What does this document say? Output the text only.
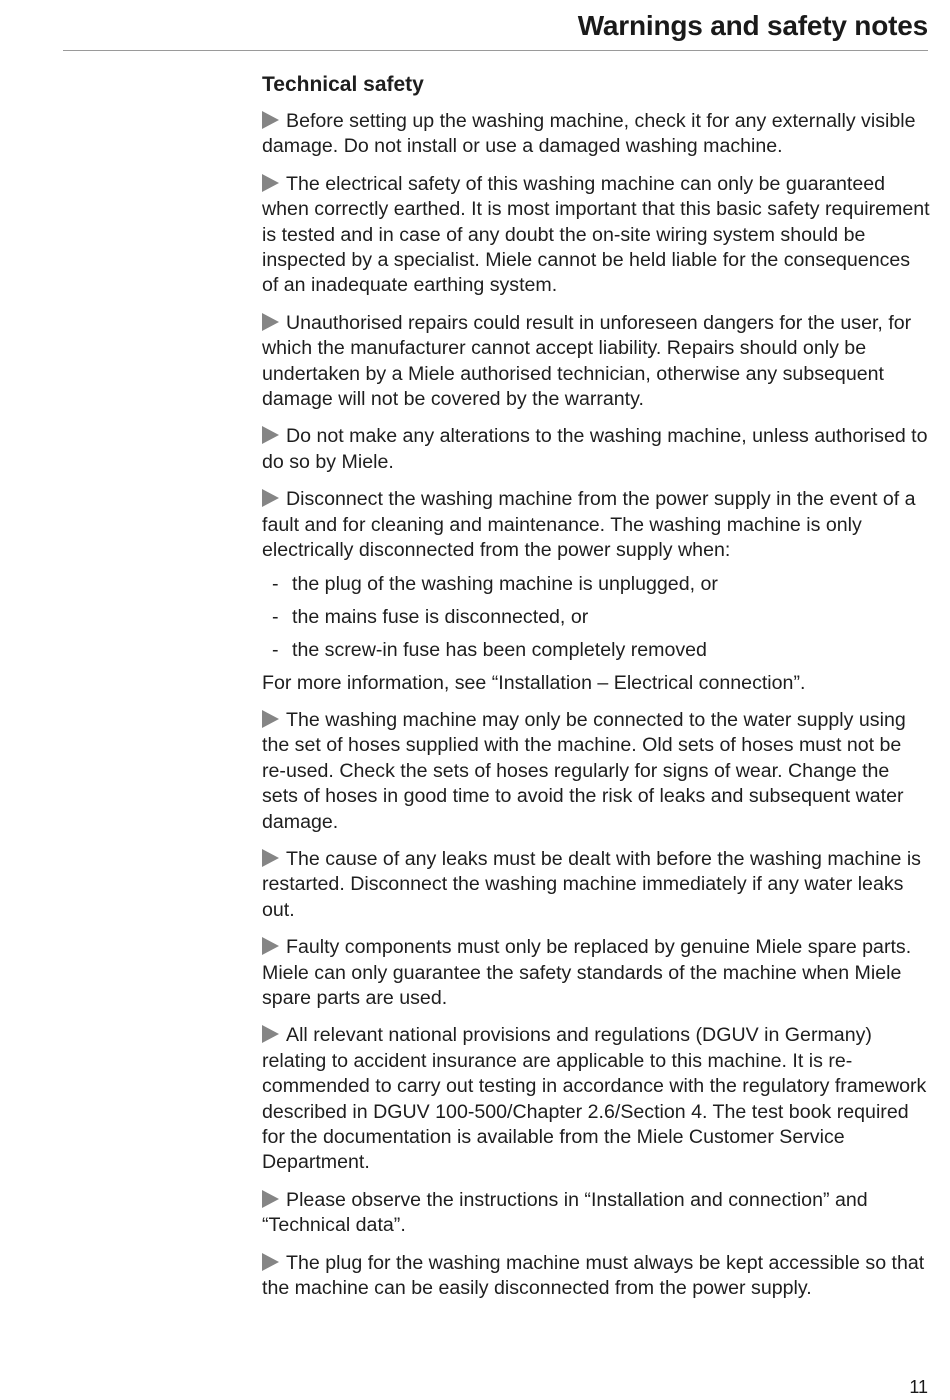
Warnings and safety notes
Technical safety

Before setting up the washing machine, check it for any externally visible damage. Do not install or use a damaged washing machine.

The electrical safety of this washing machine can only be guaranteed when correctly earthed. It is most important that this basic safety requirement is tested and in case of any doubt the on-site wiring system should be inspected by a specialist. Miele cannot be held liable for the consequences of an inadequate earthing system.

Unauthorised repairs could result in unforeseen dangers for the user, for which the manufacturer cannot accept liability. Repairs should only be undertaken by a Miele authorised technician, otherwise any subsequent damage will not be covered by the warranty.

Do not make any alterations to the washing machine, unless authorised to do so by Miele.

Disconnect the washing machine from the power supply in the event of a fault and for cleaning and maintenance. The washing machine is only electrically disconnected from the power supply when:

- the plug of the washing machine is unplugged, or
- the mains fuse is disconnected, or
- the screw-in fuse has been completely removed

For more information, see “Installation – Electrical connection”.

The washing machine may only be connected to the water supply using the set of hoses supplied with the machine. Old sets of hoses must not be re-used. Check the sets of hoses regularly for signs of wear. Change the sets of hoses in good time to avoid the risk of leaks and subsequent water damage.

The cause of any leaks must be dealt with before the washing machine is restarted. Disconnect the washing machine immediately if any water leaks out.

Faulty components must only be replaced by genuine Miele spare parts. Miele can only guarantee the safety standards of the machine when Miele spare parts are used.

All relevant national provisions and regulations (DGUV in Germany) relating to accident insurance are applicable to this machine. It is recommended to carry out testing in accordance with the regulatory framework described in DGUV 100-500/Chapter 2.6/Section 4. The test book required for the documentation is available from the Miele Customer Service Department.

Please observe the instructions in “Installation and connection” and “Technical data”.

The plug for the washing machine must always be kept accessible so that the machine can be easily disconnected from the power supply.

11
